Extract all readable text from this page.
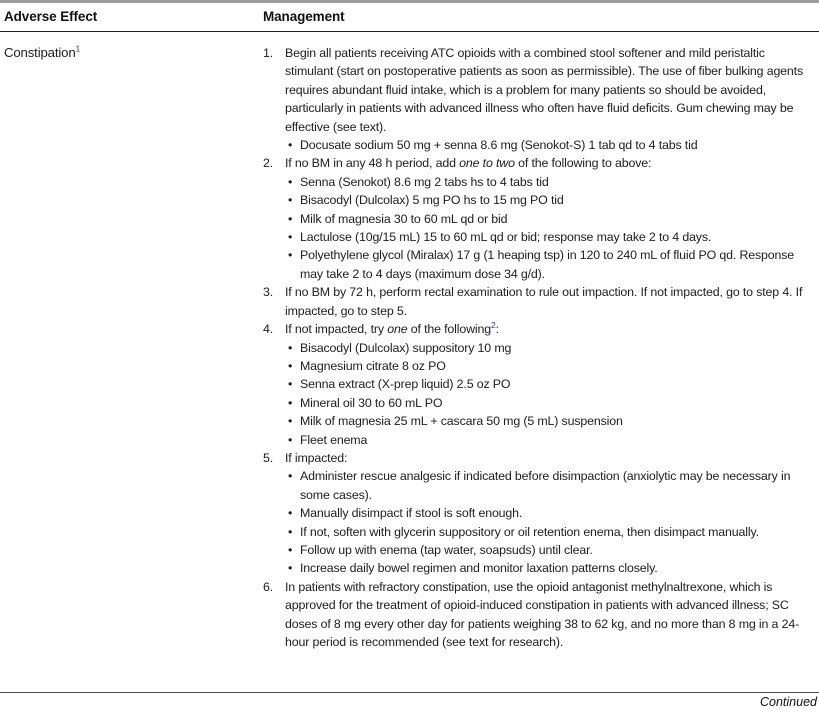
Adverse Effect	Management
Constipation$^1$	1. Begin all patients receiving ATC opioids with a combined stool softener and mild peristaltic stimulant (start on postoperative patients as soon as permissible). The use of fiber bulking agents requires abundant fluid intake, which is a problem for many patients so should be avoided, particularly in patients with advanced illness who often have fluid deficits. Gum chewing may be effective (see text).
• Docusate sodium 50 mg + senna 8.6 mg (Senokot-S) 1 tab qd to 4 tabs tid
2. If no BM in any 48 h period, add one to two of the following to above:
• Senna (Senokot) 8.6 mg 2 tabs hs to 4 tabs tid
• Bisacodyl (Dulcolax) 5 mg PO hs to 15 mg PO tid
• Milk of magnesia 30 to 60 mL qd or bid
• Lactulose (10g/15 mL) 15 to 60 mL qd or bid; response may take 2 to 4 days.
• Polyethylene glycol (Miralax) 17 g (1 heaping tsp) in 120 to 240 mL of fluid PO qd. Response may take 2 to 4 days (maximum dose 34 g/d).
3. If no BM by 72 h, perform rectal examination to rule out impaction. If not impacted, go to step 4. If impacted, go to step 5.
4. If not impacted, try one of the following$^2$:
• Bisacodyl (Dulcolax) suppository 10 mg
• Magnesium citrate 8 oz PO
• Senna extract (X-prep liquid) 2.5 oz PO
• Mineral oil 30 to 60 mL PO
• Milk of magnesia 25 mL + cascara 50 mg (5 mL) suspension
• Fleet enema
5. If impacted:
• Administer rescue analgesic if indicated before disimpaction (anxiolytic may be necessary in some cases).
• Manually disimpact if stool is soft enough.
• If not, soften with glycerin suppository or oil retention enema, then disimpact manually.
• Follow up with enema (tap water, soapsuds) until clear.
• Increase daily bowel regimen and monitor laxation patterns closely.
6. In patients with refractory constipation, use the opioid antagonist methylnaltrexone, which is approved for the treatment of opioid-induced constipation in patients with advanced illness; SC doses of 8 mg every other day for patients weighing 38 to 62 kg, and no more than 8 mg in a 24-hour period is recommended (see text for research).
Continued
